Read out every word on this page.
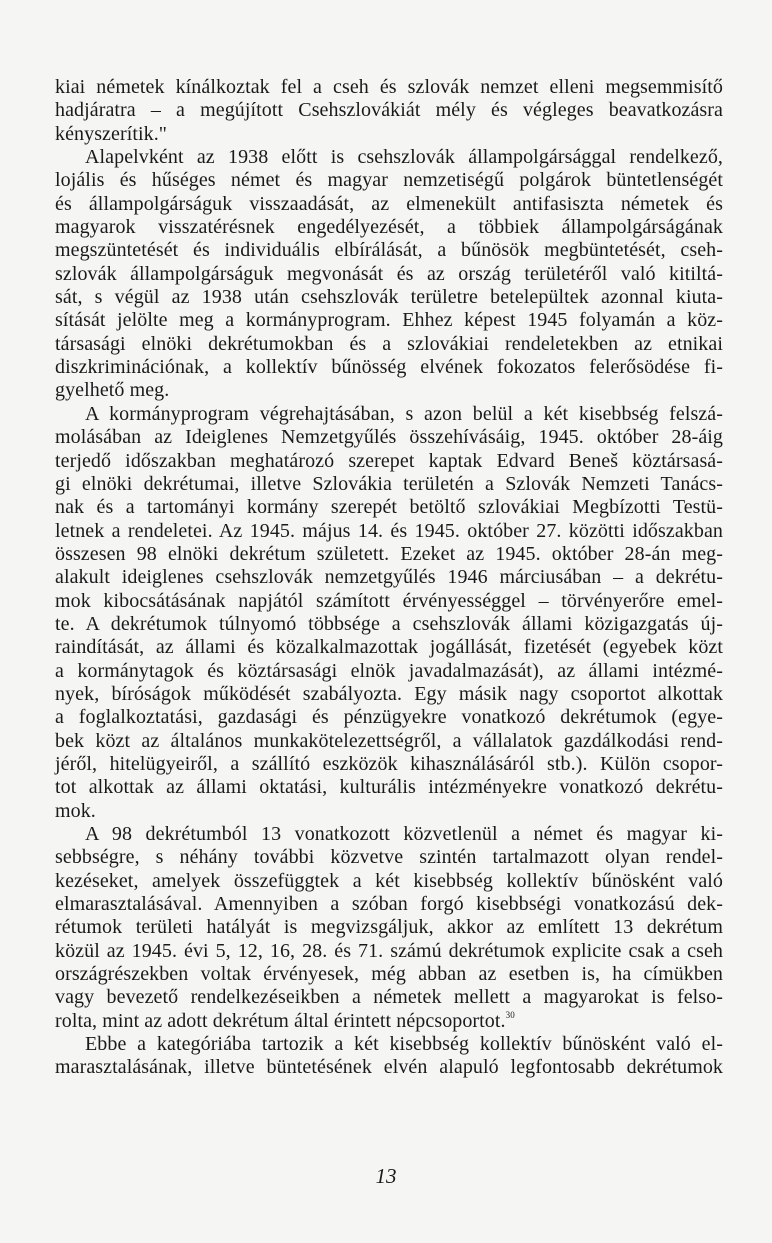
kiai németek kínálkoztak fel a cseh és szlovák nemzet elleni megsemmisítő
hadjáratra – a megújított Csehszlovákiát mély és végleges beavatkozásra
kényszerítik."
Alapelvként az 1938 előtt is csehszlovák állampolgársággal rendelkező,
lojális és hűséges német és magyar nemzetiségű polgárok büntetlenségét
és állampolgárságuk visszaadását, az elmenekült antifasiszta németek és
magyarok visszatérésnek engedélyezését, a többiek állampolgárságának
megszüntetését és individuális elbírálását, a bűnösök megbüntetését, cseh-
szlovák állampolgárságuk megvonását és az ország területéről való kitiltá-
sát, s végül az 1938 után csehszlovák területre betelepültek azonnal kiuta-
sítását jelölte meg a kormányprogram. Ehhez képest 1945 folyamán a köz-
társasági elnöki dekrétumokban és a szlovákiai rendeletekben az etnikai
diszkriminációnak, a kollektív bűnösség elvének fokozatos felerősödése fi-
gyelhető meg.
A kormányprogram végrehajtásában, s azon belül a két kisebbség felszá-
molásában az Ideiglenes Nemzetgyűlés összehívásáig, 1945. október 28-áig
terjedő időszakban meghatározó szerepet kaptak Edvard Beneš köztársasá-
gi elnöki dekrétumai, illetve Szlovákia területén a Szlovák Nemzeti Tanács-
nak és a tartományi kormány szerepét betöltő szlovákiai Megbízotti Testü-
letnek a rendeletei. Az 1945. május 14. és 1945. október 27. közötti időszakban
összesen 98 elnöki dekrétum született. Ezeket az 1945. október 28-án meg-
alakult ideiglenes csehszlovák nemzetgyűlés 1946 márciusában – a dekrétu-
mok kibocsátásának napjától számított érvényességgel – törvényerőre emel-
te. A dekrétumok túlnyomó többsége a csehszlovák állami közigazgatás új-
raindítását, az állami és közalkalmazottak jogállását, fizetését (egyebek közt
a kormánytagok és köztársasági elnök javadalmazását), az állami intézmé-
nyek, bíróságok működését szabályozta. Egy másik nagy csoportot alkottak
a foglalkoztatási, gazdasági és pénzügyekre vonatkozó dekrétumok (egye-
bek közt az általános munkakötelezettségről, a vállalatok gazdálkodási rend-
jéről, hitelügyeiről, a szállító eszközök kihasználásáról stb.). Külön csopor-
tot alkottak az állami oktatási, kulturális intézményekre vonatkozó dekrétu-
mok.
A 98 dekrétumból 13 vonatkozott közvetlenül a német és magyar ki-
sebbségre, s néhány további közvetve szintén tartalmazott olyan rendel-
kezéseket, amelyek összefüggtek a két kisebbség kollektív bűnösként való
elmarasztalásával. Amennyiben a szóban forgó kisebbségi vonatkozású dek-
rétumok területi hatályát is megvizsgáljuk, akkor az említett 13 dekrétum
közül az 1945. évi 5, 12, 16, 28. és 71. számú dekrétumok explicite csak a cseh
országrészekben voltak érvényesek, még abban az esetben is, ha címükben
vagy bevezető rendelkezéseikben a németek mellett a magyarokat is felso-
rolta, mint az adott dekrétum által érintett népcsoportot.$^{30}$
Ebbe a kategóriába tartozik a két kisebbség kollektív bűnösként való el-
marasztalásának, illetve büntetésének elvén alapuló legfontosabb dekrétumok
13
